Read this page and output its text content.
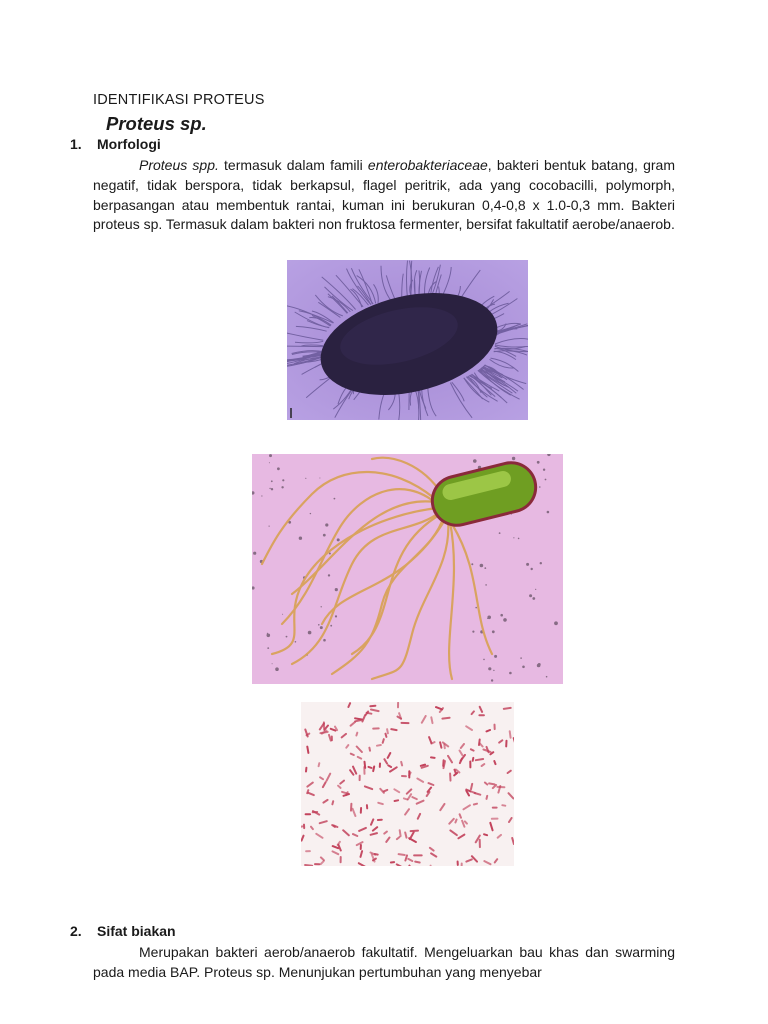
IDENTIFIKASI PROTEUS
Proteus sp.
1. Morfologi
Proteus spp. termasuk dalam famili enterobakteriaceae, bakteri bentuk batang, gram negatif, tidak berspora, tidak berkapsul, flagel peritrik, ada yang cocobacilli, polymorph, berpasangan atau membentuk rantai, kuman ini berukuran 0,4-0,8 x 1.0-0,3 mm. Bakteri proteus sp. Termasuk dalam bakteri non fruktosa fermenter, bersifat fakultatif aerobe/anaerob.
2. Sifat biakan
Merupakan bakteri aerob/anaerob fakultatif. Mengeluarkan bau khas dan swarming pada media BAP. Proteus sp. Menunjukan pertumbuhan yang menyebar
